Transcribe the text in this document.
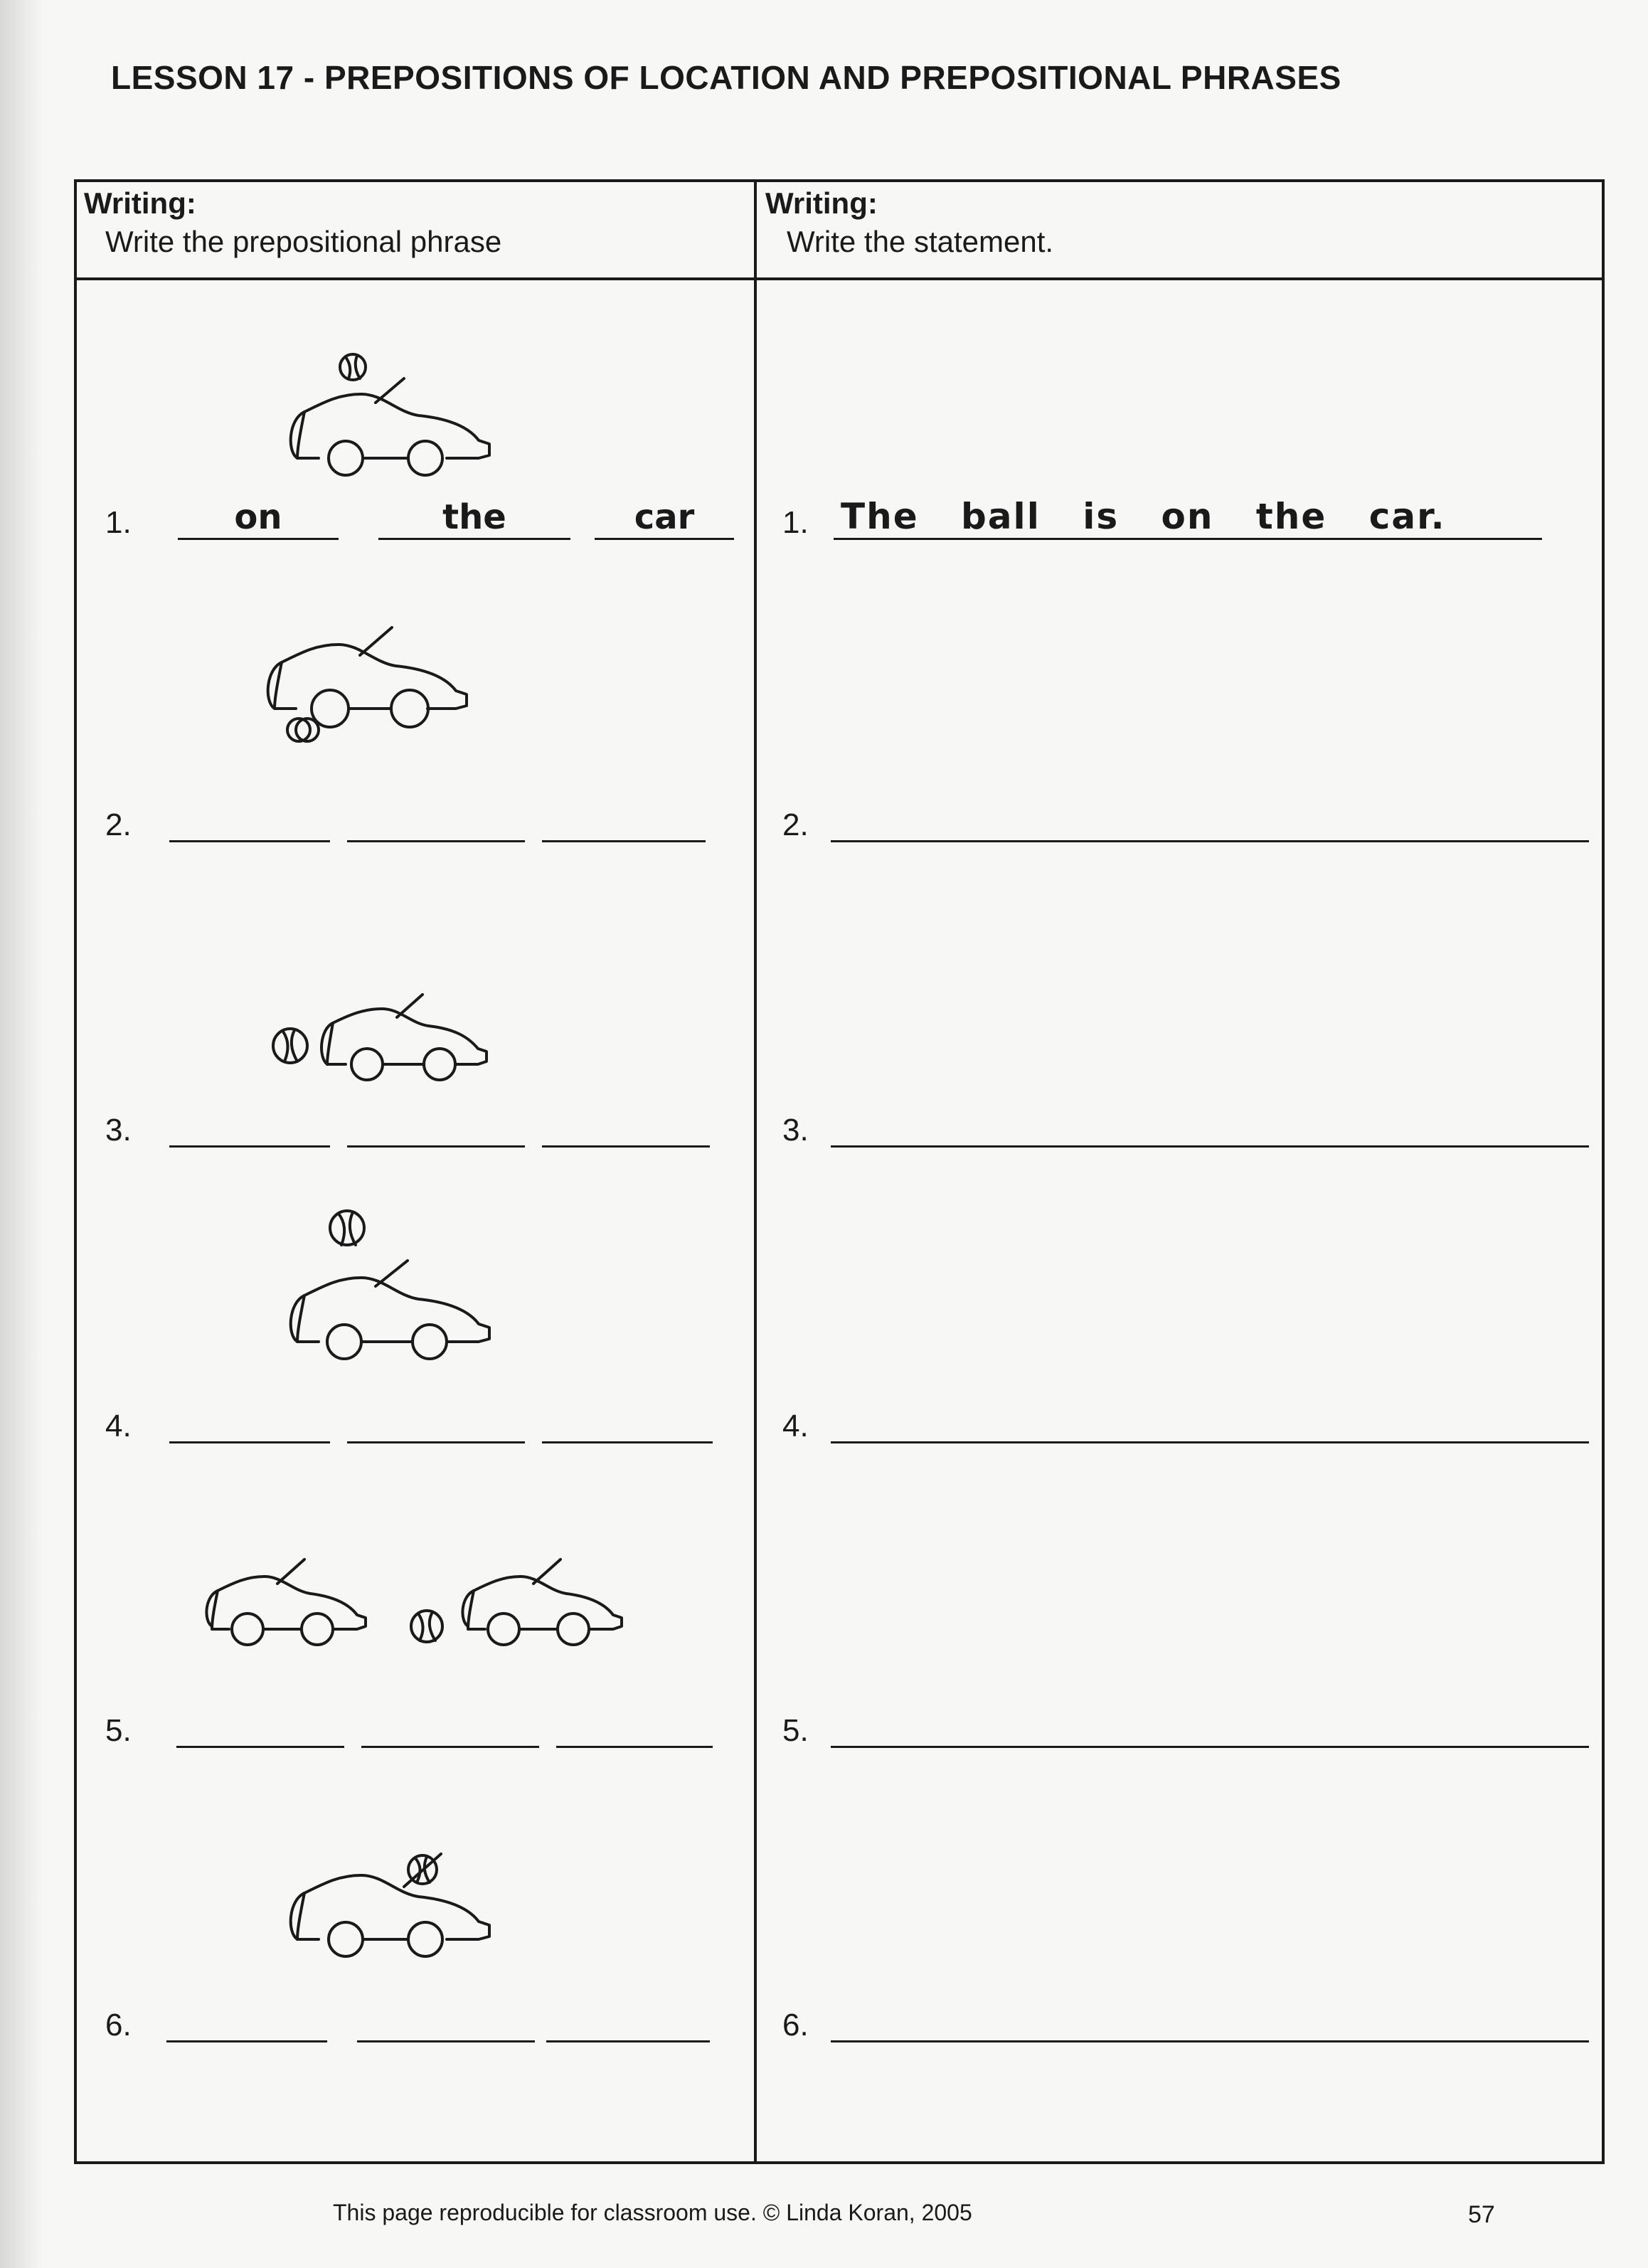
LESSON 17 - PREPOSITIONS OF LOCATION AND PREPOSITIONAL PHRASES
Writing:
Write the prepositional phrase
Writing:
Write the statement.
1.	on	the	car	1. The ball is on the car.
2.	2.
3.	3.
4.	4.
5.	5.
6.	6.
This page reproducible for classroom use. © Linda Koran, 2005	57
